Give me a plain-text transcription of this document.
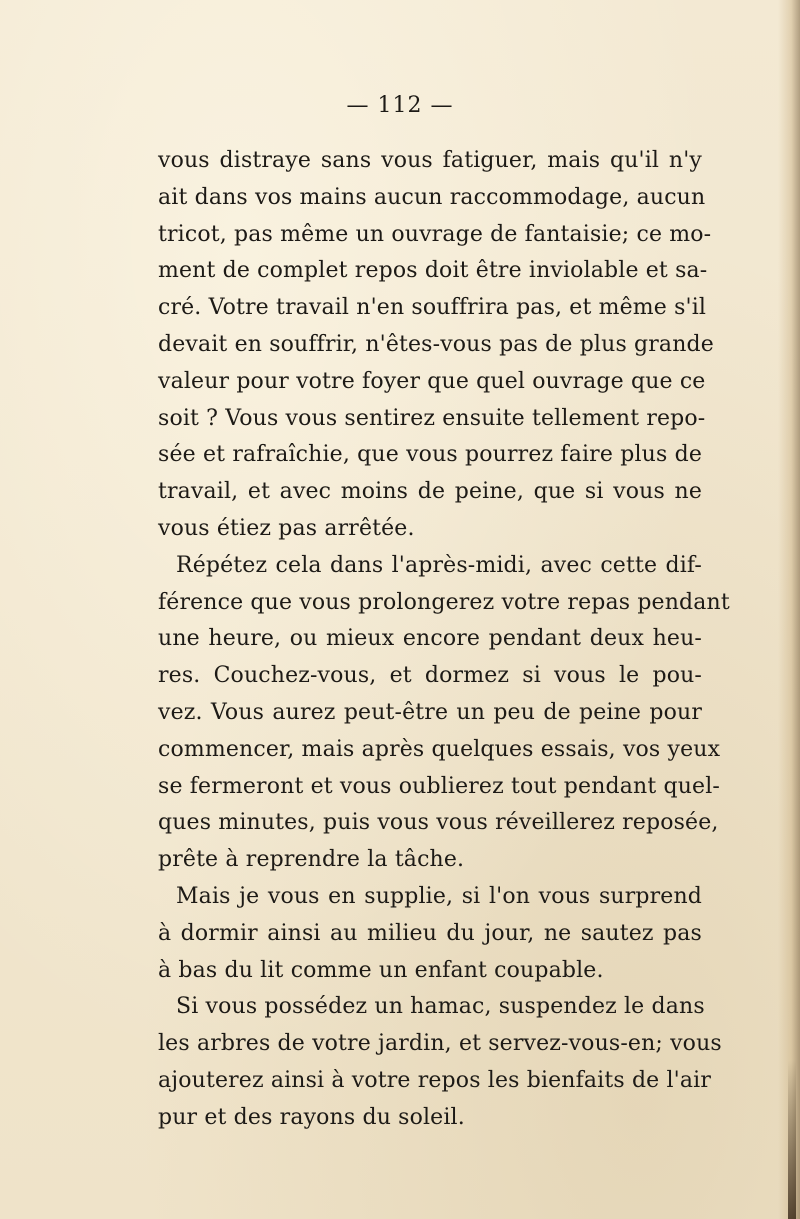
— 112 —
vous distraye sans vous fatiguer, mais qu'il n'y
ait dans vos mains aucun raccommodage, aucun
tricot, pas même un ouvrage de fantaisie; ce mo-
ment de complet repos doit être inviolable et sa-
cré. Votre travail n'en souffrira pas, et même s'il
devait en souffrir, n'êtes-vous pas de plus grande
valeur pour votre foyer que quel ouvrage que ce
soit ? Vous vous sentirez ensuite tellement repo-
sée et rafraîchie, que vous pourrez faire plus de
travail, et avec moins de peine, que si vous ne
vous étiez pas arrêtée.
Répétez cela dans l'après-midi, avec cette dif-
férence que vous prolongerez votre repas pendant
une heure, ou mieux encore pendant deux heu-
res. Couchez-vous, et dormez si vous le pou-
vez. Vous aurez peut-être un peu de peine pour
commencer, mais après quelques essais, vos yeux
se fermeront et vous oublierez tout pendant quel-
ques minutes, puis vous vous réveillerez reposée,
prête à reprendre la tâche.
Mais je vous en supplie, si l'on vous surprend
à dormir ainsi au milieu du jour, ne sautez pas
à bas du lit comme un enfant coupable.
Si vous possédez un hamac, suspendez le dans
les arbres de votre jardin, et servez-vous-en; vous
ajouterez ainsi à votre repos les bienfaits de l'air
pur et des rayons du soleil.
